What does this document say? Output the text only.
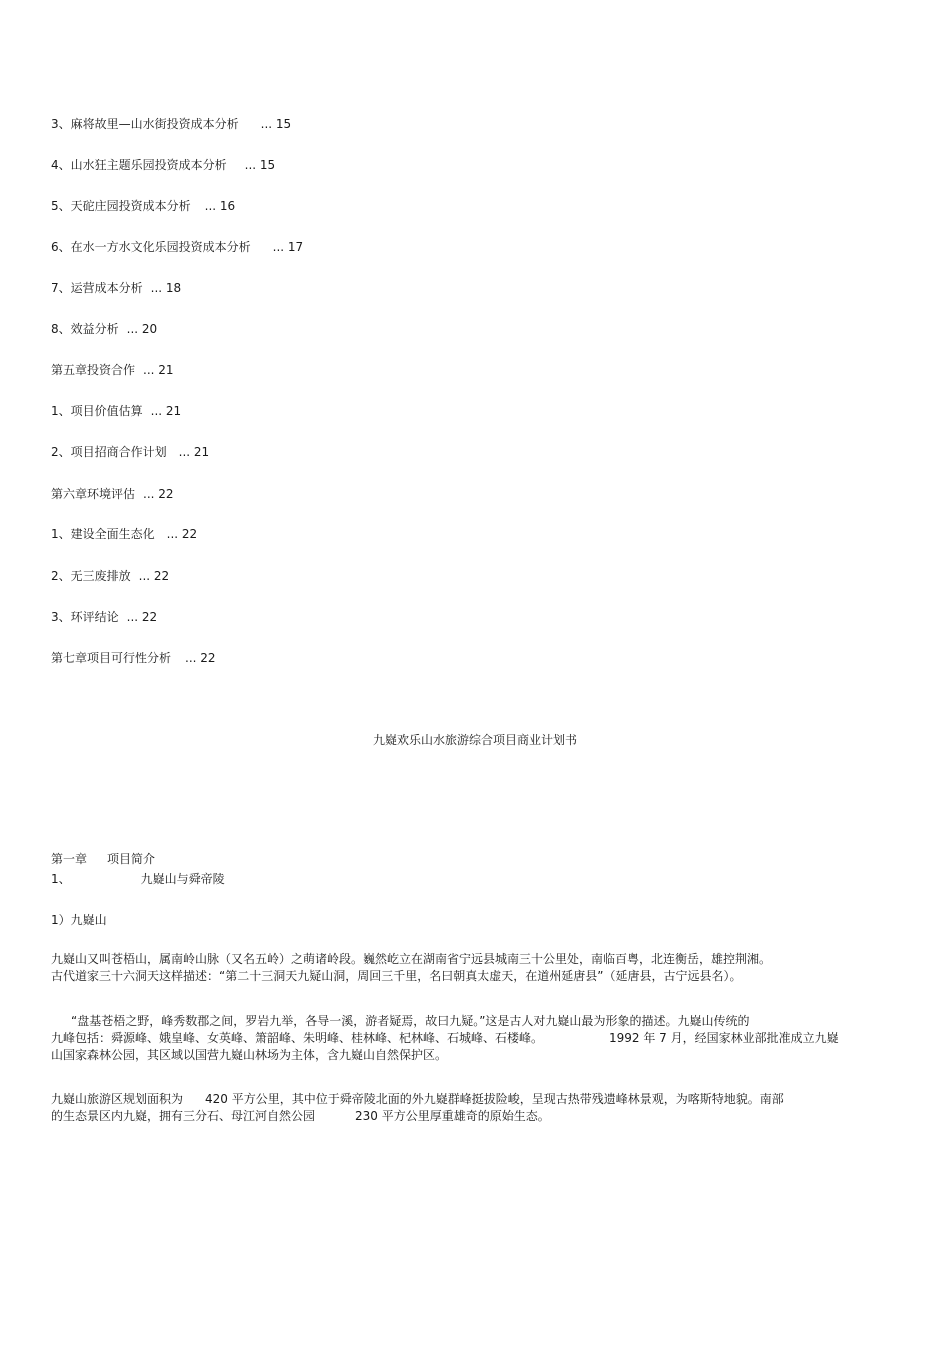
3、麻将故里—山水街投资成本分析 ... 15
4、山水狂主题乐园投资成本分析 ... 15
5、天砣庄园投资成本分析 ... 16
6、在水一方水文化乐园投资成本分析 ... 17
7、运营成本分析 ... 18
8、效益分析 ... 20
第五章投资合作 ... 21
1、项目价值估算 ... 21
2、项目招商合作计划 ... 21
第六章环境评估 ... 22
1、建设全面生态化 ... 22
2、无三废排放 ... 22
3、环评结论 ... 22
第七章项目可行性分析 ... 22
九嶷欢乐山水旅游综合项目商业计划书
第一章 项目简介
1、	九嶷山与舜帝陵
1）九嶷山
九嶷山又叫苍梧山，属南岭山脉（又名五岭）之萌诸岭段。巍然屹立在湖南省宁远县城南三十公里处，南临百粤，北连衡岳，雄控荆湘。
古代道家三十六洞天这样描述：“第二十三洞天九疑山洞，周回三千里，名曰朝真太虚天，在道州延唐县”（延唐县，古宁远县名）。
“盘基苍梧之野，峰秀数郡之间，罗岩九举，各导一溪，游者疑焉，故曰九疑。”这是古人对九嶷山最为形象的描述。九嶷山传统的
九峰包括：舜源峰、娥皇峰、女英峰、箫韶峰、朱明峰、桂林峰、杞林峰、石城峰、石楼峰。	1992 年 7 月，经国家林业部批准成立九嶷
山国家森林公园，其区域以国营九嶷山林场为主体，含九嶷山自然保护区。
九嶷山旅游区规划面积为 420 平方公里，其中位于舜帝陵北面的外九嶷群峰挺拔险峻，呈现古热带残遗峰林景观，为喀斯特地貌。南部
的生态景区内九嶷，拥有三分石、母江河自然公园	230 平方公里厚重雄奇的原始生态。
